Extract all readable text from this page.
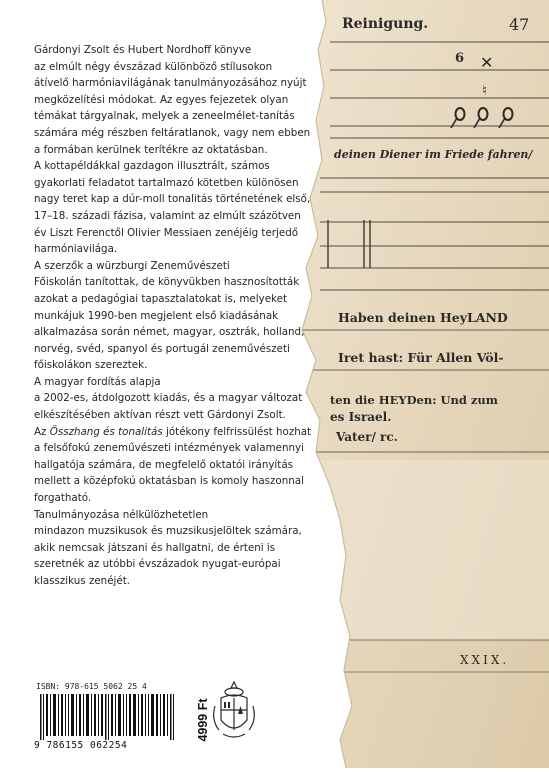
6 ✕
♮
Reinigung.	47
deinen Diener im Friede fahren/
Haben deinen HeyLAND
Iret hast: Für Allen Völ-
ten die HEYDen: Und zum
es Israel.
Vater/ rc.
XXIX.

Gárdonyi Zsolt és Hubert Nordhoff könyve
az elmúlt négy évszázad különböző stílusokon
átívelő harmóniavilágának tanulmányozásához nyújt
megközelítési módokat. Az egyes fejezetek olyan
témákat tárgyalnak, melyek a zeneelmélet-tanítás
számára még részben feltáratlanok, vagy nem ebben
a formában kerülnek terítékre az oktatásban.

A kottapéldákkal gazdagon illusztrált, számos
gyakorlati feladatot tartalmazó kötetben különösen
nagy teret kap a dúr-moll tonalitás történetének első,
17–18. századi fázisa, valamint az elmúlt százötven
év Liszt Ferenctől Olivier Messiaen zenéjéig terjedő
harmóniavilága.

A szerzők a würzburgi Zeneművészeti
Főiskolán tanítottak, de könyvükben hasznosították
azokat a pedagógiai tapasztalatokat is, melyeket
munkájuk 1990-ben megjelent első kiadásának
alkalmazása során német, magyar, osztrák, holland,
norvég, svéd, spanyol és portugál zeneművészeti
főiskolákon szereztek.

A magyar fordítás alapja
a 2002-es, átdolgozott kiadás, és a magyar változat
elkészítésében aktívan részt vett Gárdonyi Zsolt.

Az Összhang és tonalitás jótékony felfrissülést hozhat
a felsőfokú zeneművészeti intézmények valamennyi
hallgatója számára, de megfelelő oktatói irányítás
mellett a középfokú oktatásban is komoly haszonnal
forgatható.

Tanulmányozása nélkülözhetetlen
mindazon muzsikusok és muzsikusjelöltek számára,
akik nemcsak játszani és hallgatni, de érteni is
szeretnék az utóbbi évszázadok nyugat-európai
klasszikus zenéjét.

ISBN: 978-615 5062 25 4
9 786155 062254
4999 Ft
